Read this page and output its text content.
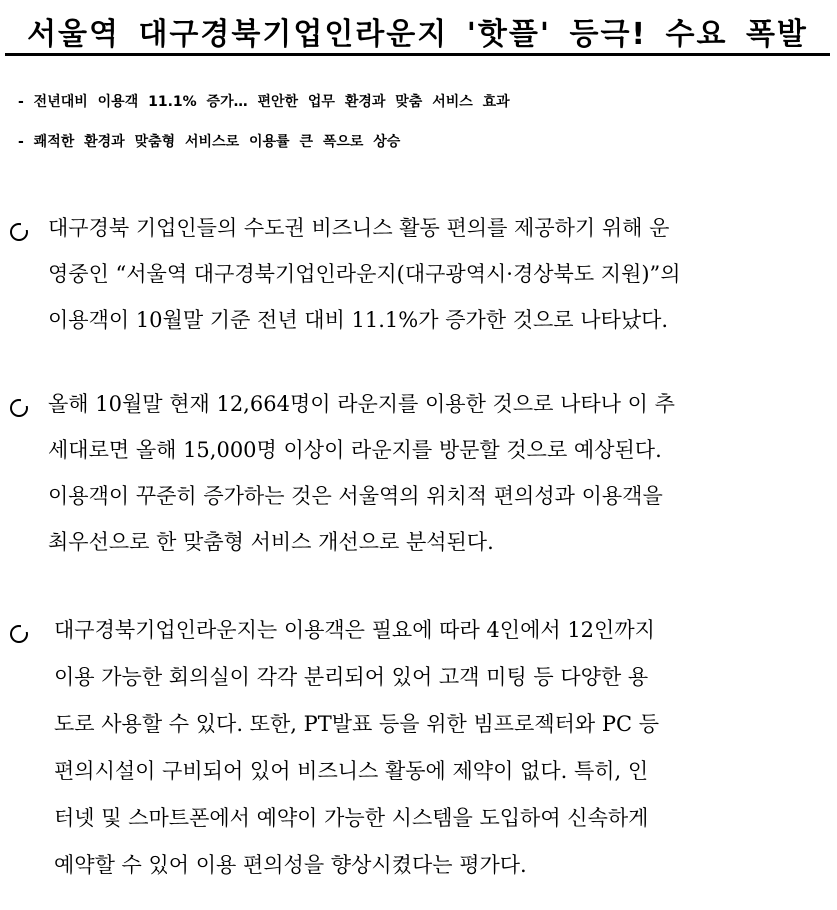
서울역 대구경북기업인라운지 '핫플' 등극! 수요 폭발
- 전년대비 이용객 11.1% 증가… 편안한 업무 환경과 맞춤 서비스 효과
- 쾌적한 환경과 맞춤형 서비스로 이용률 큰 폭으로 상승
대구경북 기업인들의 수도권 비즈니스 활동 편의를 제공하기 위해 운
영중인 “서울역 대구경북기업인라운지(대구광역시·경상북도 지원)”의
이용객이 10월말 기준 전년 대비 11.1%가 증가한 것으로 나타났다.
올해 10월말 현재 12,664명이 라운지를 이용한 것으로 나타나 이 추
세대로면 올해 15,000명 이상이 라운지를 방문할 것으로 예상된다.
이용객이 꾸준히 증가하는 것은 서울역의 위치적 편의성과 이용객을
최우선으로 한 맞춤형 서비스 개선으로 분석된다.
대구경북기업인라운지는 이용객은 필요에 따라 4인에서 12인까지
이용 가능한 회의실이 각각 분리되어 있어 고객 미팅 등 다양한 용
도로 사용할 수 있다. 또한, PT발표 등을 위한 빔프로젝터와 PC 등
편의시설이 구비되어 있어 비즈니스 활동에 제약이 없다. 특히, 인
터넷 및 스마트폰에서 예약이 가능한 시스템을 도입하여 신속하게
예약할 수 있어 이용 편의성을 향상시켰다는 평가다.
